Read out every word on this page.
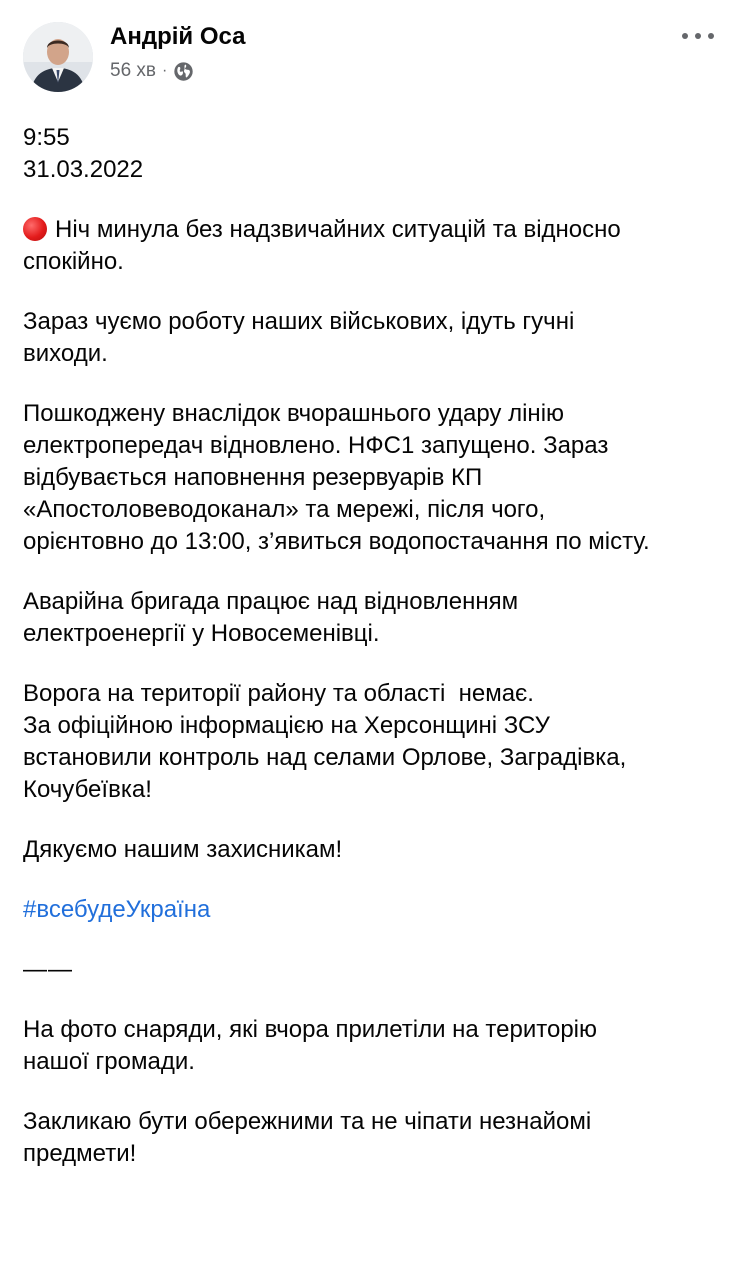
Андрій Оса
56 хв ·

9:55
31.03.2022

Ніч минула без надзвичайних ситуацій та відносно
спокійно.

Зараз чуємо роботу наших військових, ідуть гучні
виходи.

Пошкоджену внаслідок вчорашнього удару лінію
електропередач відновлено. НФС1 запущено. Зараз
відбувається наповнення резервуарів КП
«Апостоловеводоканал» та мережі, після чого,
орієнтовно до 13:00, з’явиться водопостачання по місту.

Аварійна бригада працює над відновленням
електроенергії у Новосеменівці.

Ворога на території району та області  немає.
За офіційною інформацією на Херсонщині ЗСУ
встановили контроль над селами Орлове, Заградівка,
Кочубеївка!

Дякуємо нашим захисникам!

#всебудеУкраїна

——

На фото снаряди, які вчора прилетіли на територію
нашої громади.

Закликаю бути обережними та не чіпати незнайомі
предмети!
